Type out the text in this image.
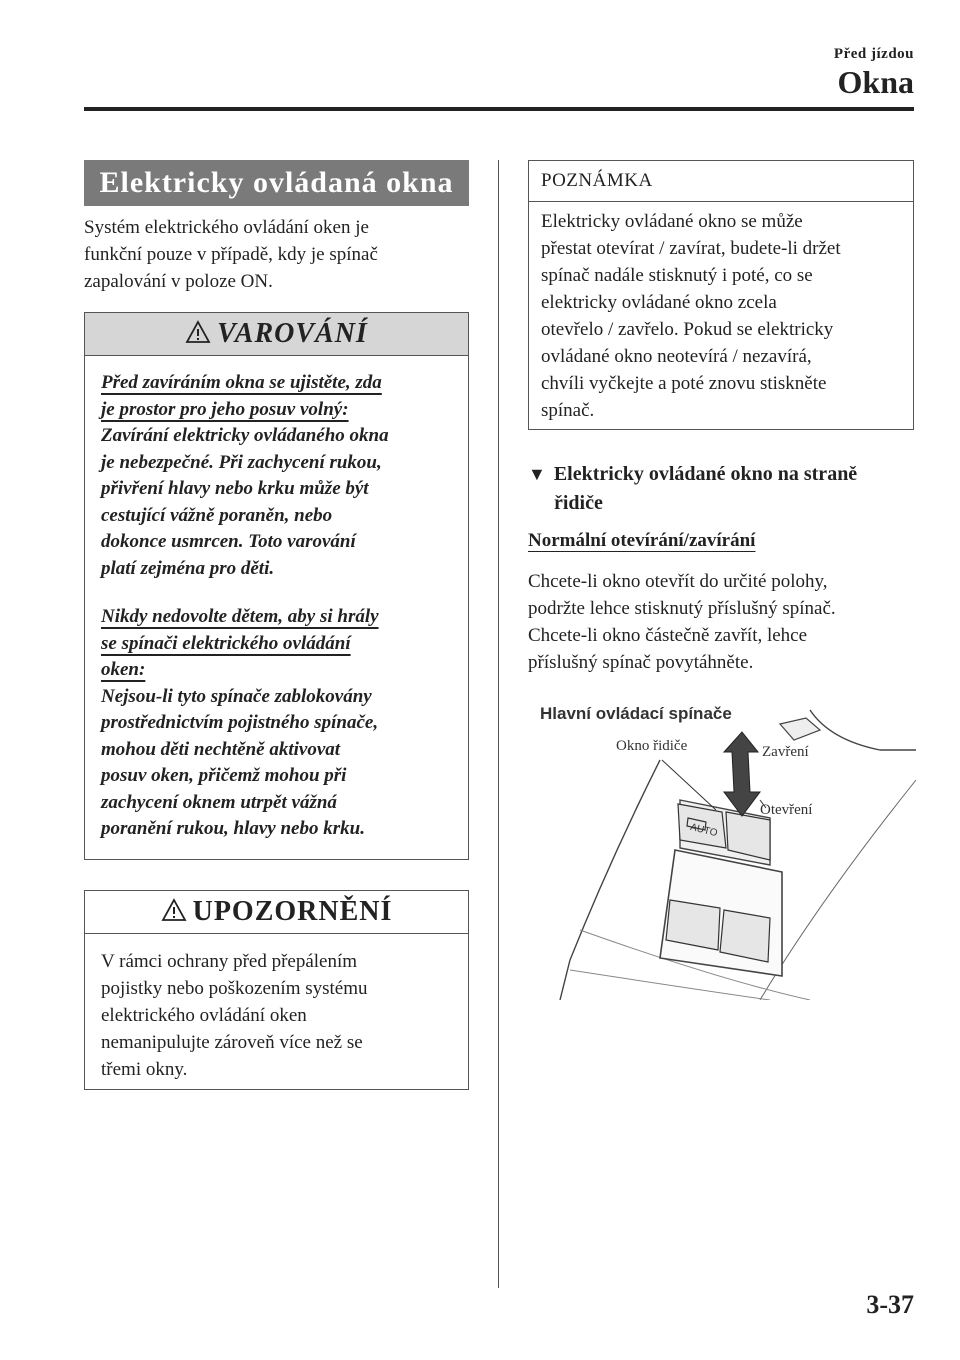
Před jízdou
Okna
Elektricky ovládaná okna
Systém elektrického ovládání oken je
funkční pouze v případě, kdy je spínač
zapalování v poloze ON.
VAROVÁNÍ
Před zavíráním okna se ujistěte, zda
je prostor pro jeho posuv volný:
Zavírání elektricky ovládaného okna
je nebezpečné. Při zachycení rukou,
přivření hlavy nebo krku může být
cestující vážně poraněn, nebo
dokonce usmrcen. Toto varování
platí zejména pro děti.
Nikdy nedovolte dětem, aby si hrály
se spínači elektrického ovládání
oken:
Nejsou-li tyto spínače zablokovány
prostřednictvím pojistného spínače,
mohou děti nechtěně aktivovat
posuv oken, přičemž mohou při
zachycení oknem utrpět vážná
poranění rukou, hlavy nebo krku.
UPOZORNĚNÍ
V rámci ochrany před přepálením
pojistky nebo poškozením systému
elektrického ovládání oken
nemanipulujte zároveň více než se
třemi okny.
POZNÁMKA
Elektricky ovládané okno se může
přestat otevírat / zavírat, budete-li držet
spínač nadále stisknutý i poté, co se
elektricky ovládané okno zcela
otevřelo / zavřelo. Pokud se elektricky
ovládané okno neotevírá / nezavírá,
chvíli vyčkejte a poté znovu stiskněte
spínač.
▼ Elektricky ovládané okno na straně
řidiče
Normální otevírání/zavírání
Chcete-li okno otevřít do určité polohy,
podržte lehce stisknutý příslušný spínač.
Chcete-li okno částečně zavřít, lehce
příslušný spínač povytáhněte.
Hlavní ovládací spínače
Okno řidiče	Zavření
Otevření
AUTO
3-37
